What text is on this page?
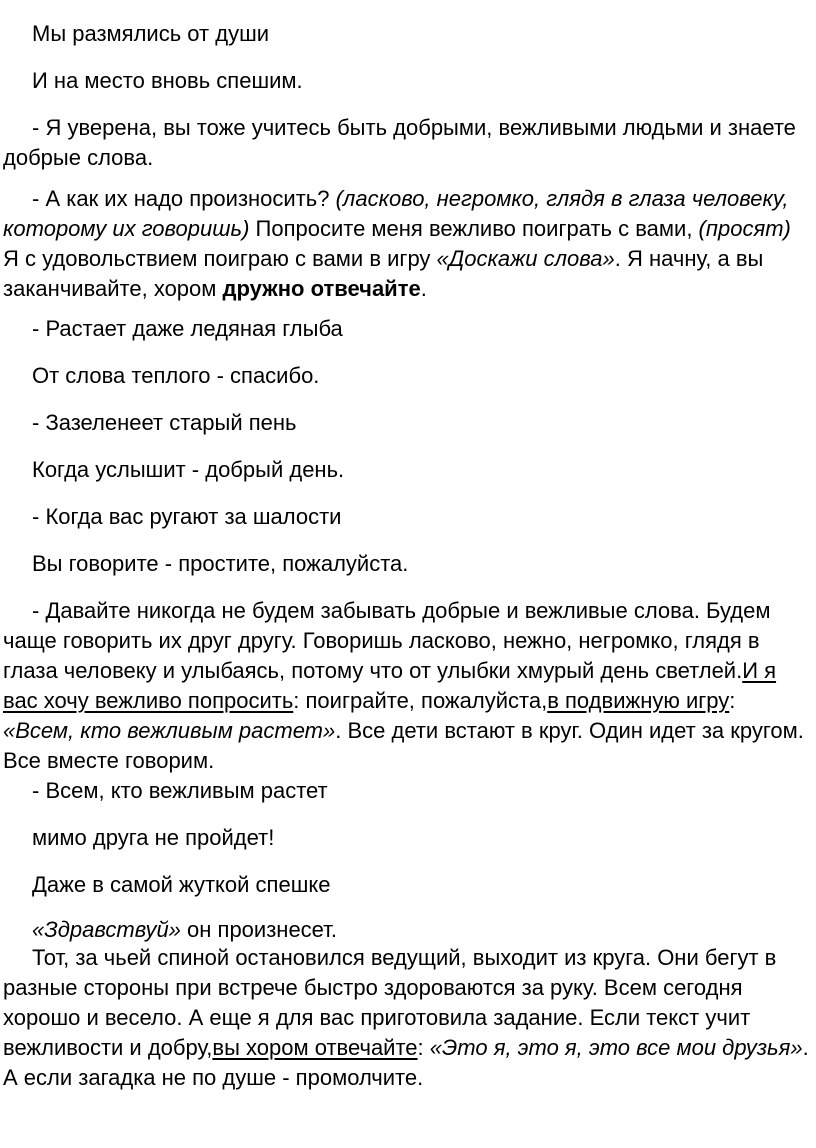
Мы размялись от души

И на место вновь спешим.

- Я уверена, вы тоже учитесь быть добрыми, вежливыми людьми и знаете добрые слова.

- А как их надо произносить? (ласково, негромко, глядя в глаза человеку, которому их говоришь) Попросите меня вежливо поиграть с вами, (просят) Я с удовольствием поиграю с вами в игру «Доскажи слова». Я начну, а вы заканчивайте, хором дружно отвечайте.

- Растает даже ледяная глыба

От слова теплого - спасибо.

- Зазеленеет старый пень

Когда услышит - добрый день.

- Когда вас ругают за шалости

Вы говорите - простите, пожалуйста.

- Давайте никогда не будем забывать добрые и вежливые слова. Будем чаще говорить их друг другу. Говоришь ласково, нежно, негромко, глядя в глаза человеку и улыбаясь, потому что от улыбки хмурый день светлей.И я вас хочу вежливо попросить: поиграйте, пожалуйста,в подвижную игру: «Всем, кто вежливым растет». Все дети встают в круг. Один идет за кругом. Все вместе говорим.

- Всем, кто вежливым растет

мимо друга не пройдет!

Даже в самой жуткой спешке

«Здравствуй» он произнесет.

Тот, за чьей спиной остановился ведущий, выходит из круга. Они бегут в разные стороны при встрече быстро здороваются за руку. Всем сегодня хорошо и весело. А еще я для вас приготовила задание. Если текст учит вежливости и добру,вы хором отвечайте: «Это я, это я, это все мои друзья». А если загадка не по душе - промолчите.
